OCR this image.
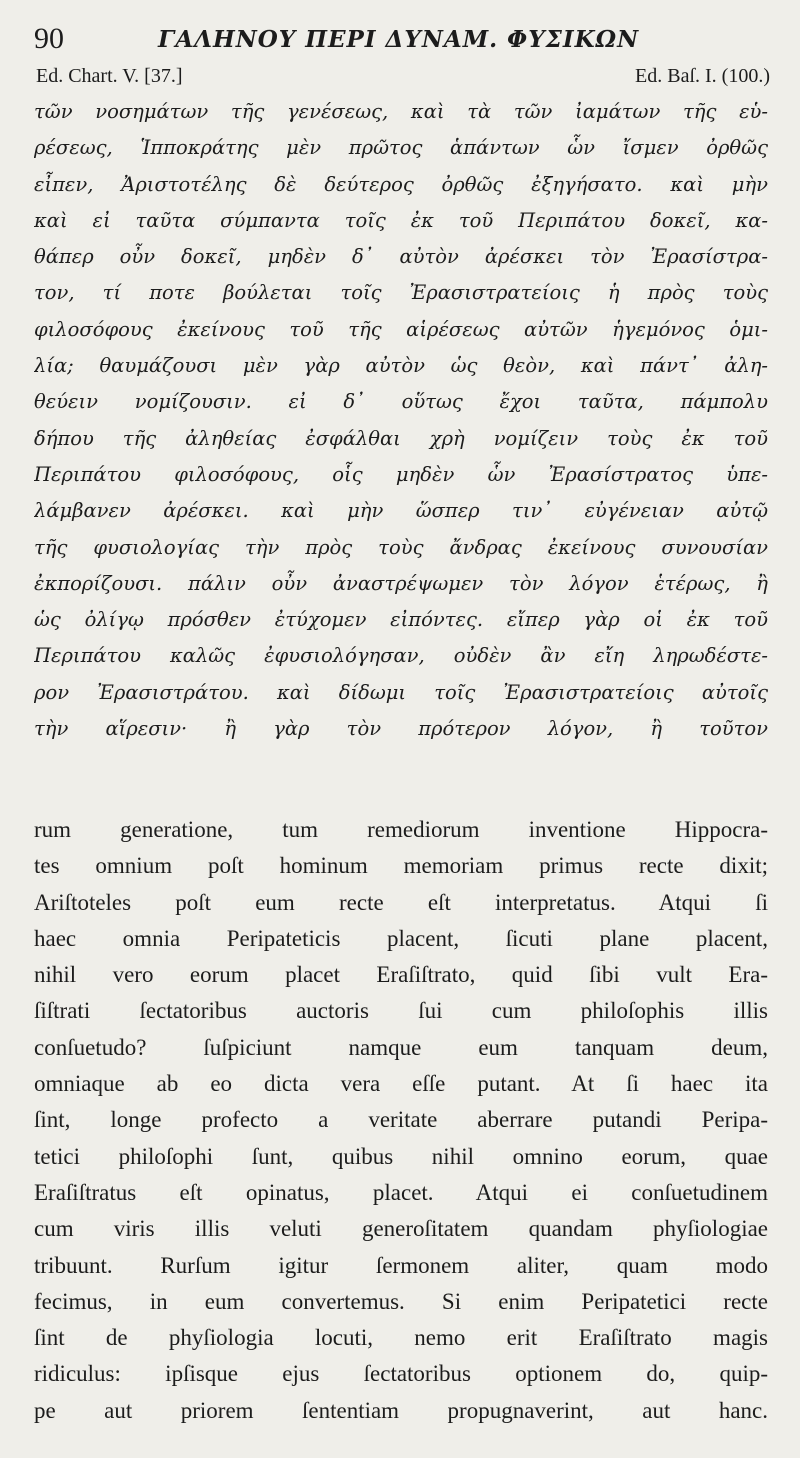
90	ΓΑΛΗΝΟΥ ΠΕΡΙ ΔΥΝΑΜ. ΦΥΣΙΚΩΝ
Ed. Chart. V. [37.]	Ed. Baſ. I. (100.)
τῶν νοσημάτων τῆς γενέσεως, καὶ τὰ τῶν ἰαμάτων τῆς εὑ-
ρέσεως, Ἱπποκράτης μὲν πρῶτος ἁπάντων ὧν ἴσμεν ὀρθῶς
εἶπεν, Ἀριστοτέλης δὲ δεύτερος ὀρθῶς ἐξηγήσατο. καὶ μὴν
καὶ εἰ ταῦτα σύμπαντα τοῖς ἐκ τοῦ Περιπάτου δοκεῖ, κα-
θάπερ οὖν δοκεῖ, μηδὲν δ᾽ αὐτὸν ἀρέσκει τὸν Ἐρασίστρα-
τον, τί ποτε βούλεται τοῖς Ἐρασιστρατείοις ἡ πρὸς τοὺς
φιλοσόφους ἐκείνους τοῦ τῆς αἱρέσεως αὐτῶν ἡγεμόνος ὁμι-
λία; θαυμάζουσι μὲν γὰρ αὐτὸν ὡς θεὸν, καὶ πάντ᾽ ἀλη-
θεύειν νομίζουσιν. εἰ δ᾽ οὕτως ἔχοι ταῦτα, πάμπολυ
δήπου τῆς ἀληθείας ἐσφάλθαι χρὴ νομίζειν τοὺς ἐκ τοῦ
Περιπάτου φιλοσόφους, οἷς μηδὲν ὧν Ἐρασίστρατος ὑπε-
λάμβανεν ἀρέσκει. καὶ μὴν ὥσπερ τιν᾽ εὐγένειαν αὐτῷ
τῆς φυσιολογίας τὴν πρὸς τοὺς ἄνδρας ἐκείνους συνουσίαν
ἐκπορίζουσι. πάλιν οὖν ἀναστρέψωμεν τὸν λόγον ἑτέρως, ἢ
ὡς ὀλίγῳ πρόσθεν ἐτύχομεν εἰπόντες. εἴπερ γὰρ οἱ ἐκ τοῦ
Περιπάτου καλῶς ἐφυσιολόγησαν, οὐδὲν ἂν εἴη ληρωδέστε-
ρον Ἐρασιστράτου. καὶ δίδωμι τοῖς Ἐρασιστρατείοις αὐτοῖς
τὴν αἵρεσιν· ἢ γὰρ τὸν πρότερον λόγον, ἢ τοῦτον
rum generatione, tum remediorum inventione Hippocra-
tes omnium poſt hominum memoriam primus recte dixit;
Ariſtoteles poſt eum recte eſt interpretatus. Atqui ſi
haec omnia Peripateticis placent, ſicuti plane placent,
nihil vero eorum placet Eraſiſtrato, quid ſibi vult Era-
ſiſtrati ſectatoribus auctoris ſui cum philoſophis illis
conſuetudo? ſuſpiciunt namque eum tanquam deum,
omniaque ab eo dicta vera eſſe putant. At ſi haec ita
ſint, longe profecto a veritate aberrare putandi Peripa-
tetici philoſophi ſunt, quibus nihil omnino eorum, quae
Eraſiſtratus eſt opinatus, placet. Atqui ei conſuetudinem
cum viris illis veluti generoſitatem quandam phyſiologiae
tribuunt. Rurſum igitur ſermonem aliter, quam modo
fecimus, in eum convertemus. Si enim Peripatetici recte
ſint de phyſiologia locuti, nemo erit Eraſiſtrato magis
ridiculus: ipſisque ejus ſectatoribus optionem do, quip-
pe aut priorem ſententiam propugnaverint, aut hanc.
